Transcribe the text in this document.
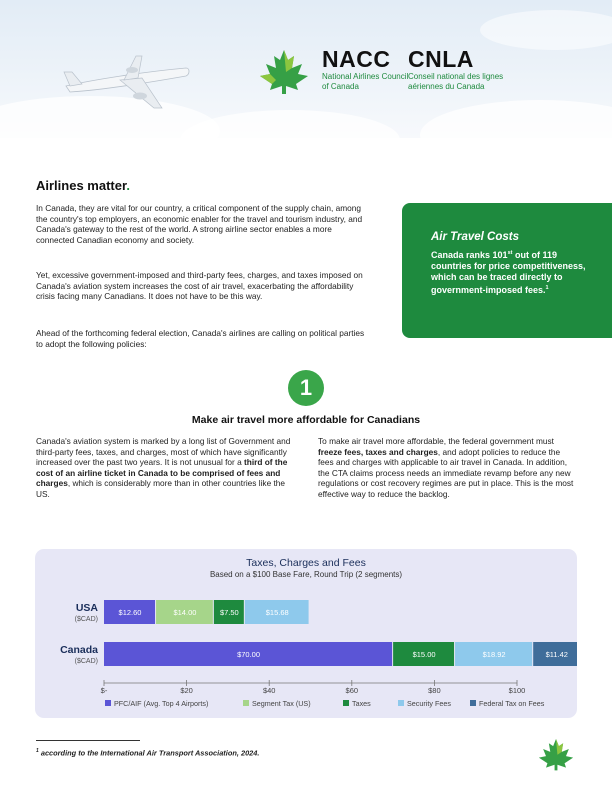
NACC CNLA
National Airlines Council of Canada
Conseil national des lignes aériennes du Canada
Airlines matter.

In Canada, they are vital for our country, a critical component of the supply chain, among the country's top employers, an economic enabler for the travel and tourism industry, and Canada's gateway to the rest of the world. A strong airline sector enables a more connected Canadian economy and society.

Yet, excessive government-imposed and third-party fees, charges, and taxes imposed on Canada's aviation system increases the cost of air travel, exacerbating the affordability crisis facing many Canadians. It does not have to be this way.

Ahead of the forthcoming federal election, Canada's airlines are calling on political parties to adopt the following policies:

Air Travel Costs
Canada ranks 101st out of 119 countries for price competitiveness, which can be traced directly to government-imposed fees.$^1$
1
Make air travel more affordable for Canadians
Canada's aviation system is marked by a long list of Government and third-party fees, taxes, and charges, most of which have significantly increased over the past two years. It is not unusual for a third of the cost of an airline ticket in Canada to be comprised of fees and charges, which is considerably more than in other countries like the US.
To make air travel more affordable, the federal government must freeze fees, taxes and charges, and adopt policies to reduce the fees and charges with applicable to air travel in Canada. In addition, the CTA claims process needs an immediate revamp before any new regulations or cost recovery regimes are put in place. This is the most effective way to reduce the backlog.
Taxes, Charges and Fees
Based on a $100 Base Fare, Round Trip (2 segments)
USA
($CAD)
Canada
($CAD)
$12.60	$14.00	$7.50	$15.68
$70.00	$15.00	$18.92	$11.42
$-	$20	$40	$60	$80	$100
PFC/AIF (Avg. Top 4 Airports)	Segment Tax (US)	Taxes	Security Fees	Federal Tax on Fees
$^1$ according to the International Air Transport Association, 2024.
